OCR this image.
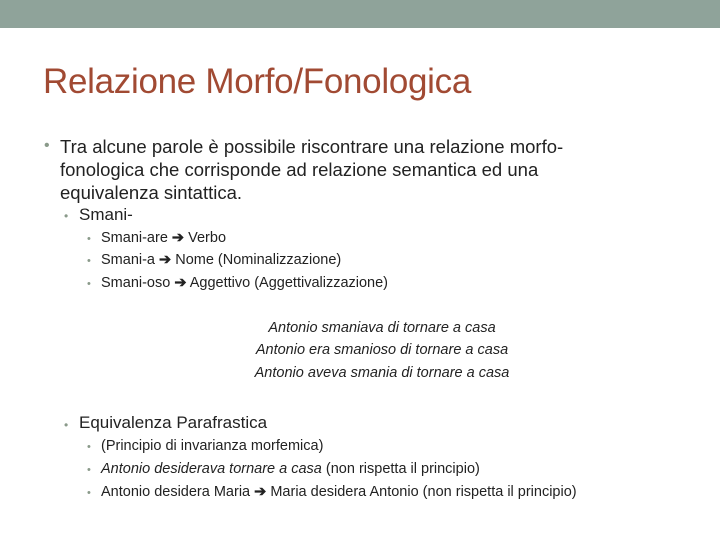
Relazione Morfo/Fonologica
• Tra alcune parole è possibile riscontrare una relazione morfo-
fonologica che corrisponde ad relazione semantica ed una
equivalenza sintattica.
• Smani-
• Smani-are ➔ Verbo
• Smani-a ➔ Nome (Nominalizzazione)
• Smani-oso ➔ Aggettivo (Aggettivalizzazione)
Antonio smaniava di tornare a casa
Antonio era smanioso di tornare a casa
Antonio aveva smania di tornare a casa
• Equivalenza Parafrastica
• (Principio di invarianza morfemica)
• Antonio desiderava tornare a casa (non rispetta il principio)
• Antonio desidera Maria ➔ Maria desidera Antonio (non rispetta il principio)
